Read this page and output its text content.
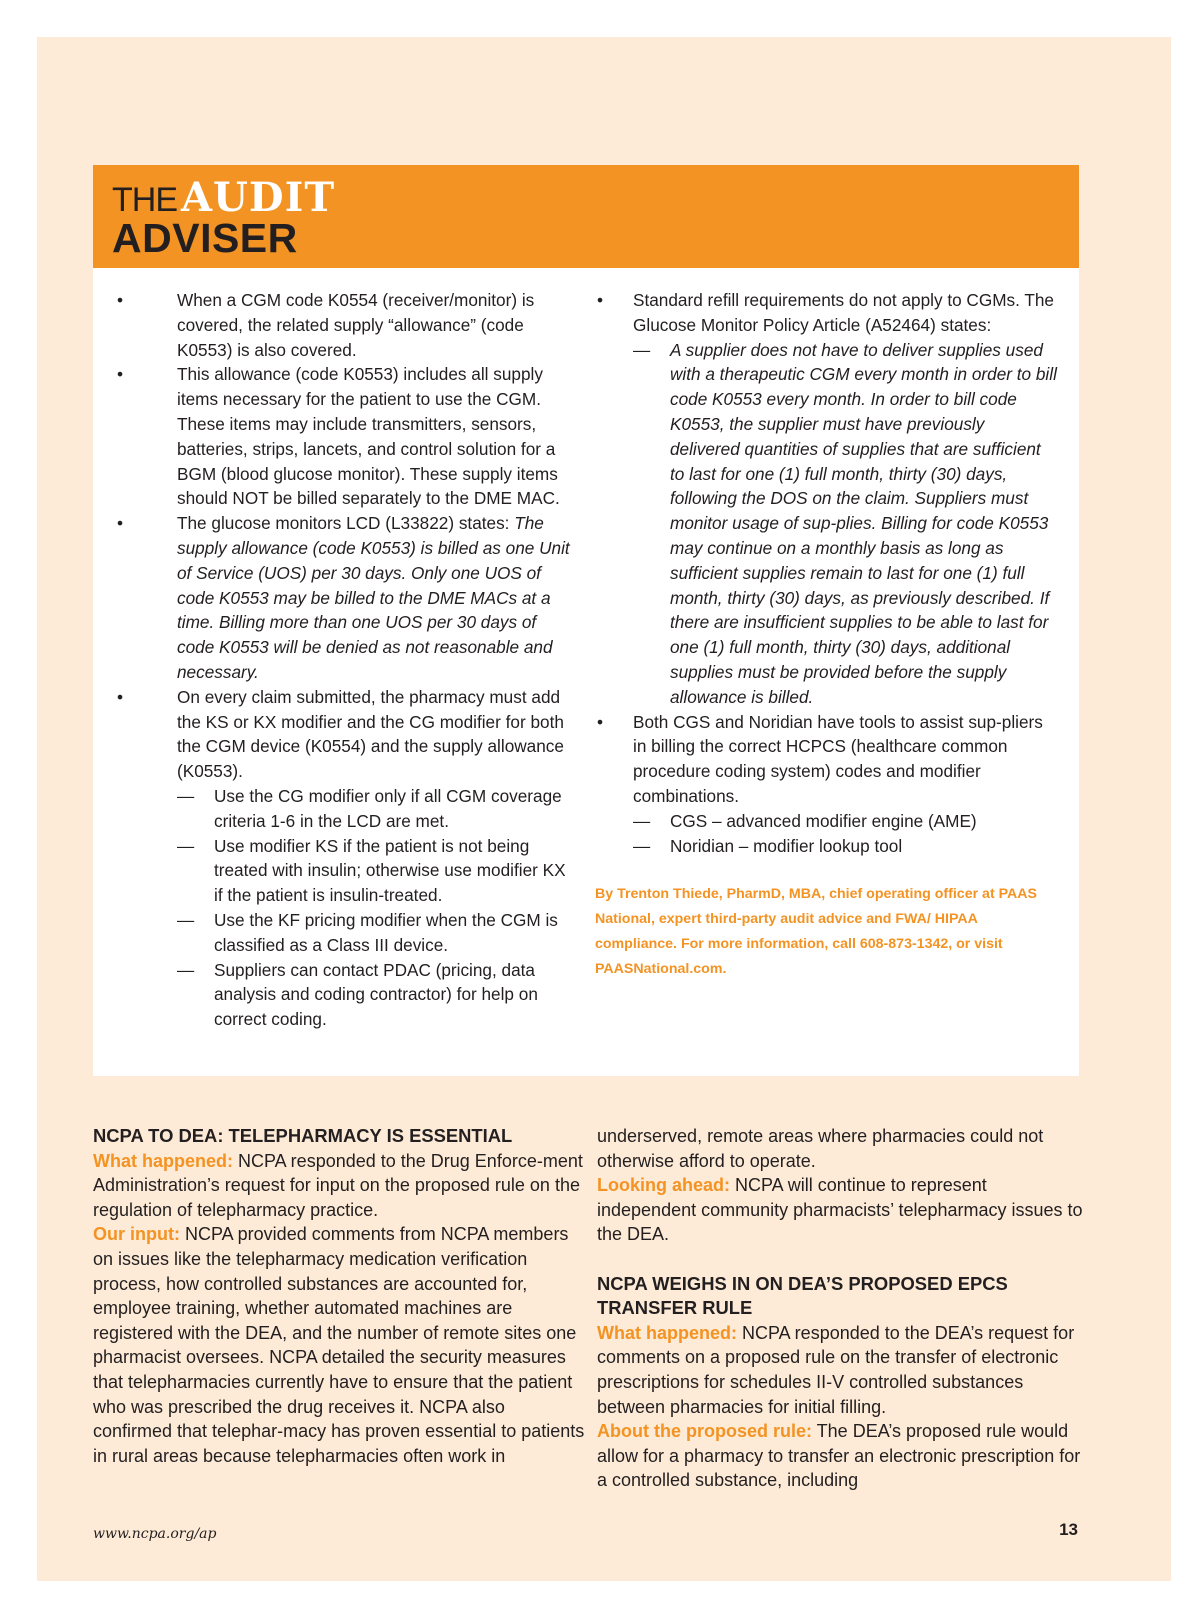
THE AUDIT
ADVISER
•	When a CGM code K0554 (receiver/monitor) is covered, the related supply “allowance” (code K0553) is also covered.
•	This allowance (code K0553) includes all supply items necessary for the patient to use the CGM. These items may include transmitters, sensors, batteries, strips, lancets, and control solution for a BGM (blood glucose monitor). These supply items should NOT be billed separately to the DME MAC.
•	The glucose monitors LCD (L33822) states: The supply allowance (code K0553) is billed as one Unit of Service (UOS) per 30 days. Only one UOS of code K0553 may be billed to the DME MACs at a time. Billing more than one UOS per 30 days of code K0553 will be denied as not reasonable and necessary.
•	On every claim submitted, the pharmacy must add the KS or KX modifier and the CG modifier for both the CGM device (K0554) and the supply allowance (K0553).
— Use the CG modifier only if all CGM coverage criteria 1-6 in the LCD are met.
— Use modifier KS if the patient is not being treated with insulin; otherwise use modifier KX if the patient is insulin-treated.
— Use the KF pricing modifier when the CGM is classified as a Class III device.
— Suppliers can contact PDAC (pricing, data analysis and coding contractor) for help on correct coding.
• Standard refill requirements do not apply to CGMs. The Glucose Monitor Policy Article (A52464) states:
— A supplier does not have to deliver supplies used with a therapeutic CGM every month in order to bill code K0553 every month. In order to bill code K0553, the supplier must have previously delivered quantities of supplies that are sufficient to last for one (1) full month, thirty (30) days, following the DOS on the claim. Suppliers must monitor usage of sup-plies. Billing for code K0553 may continue on a monthly basis as long as sufficient supplies remain to last for one (1) full month, thirty (30) days, as previously described. If there are insufficient supplies to be able to last for one (1) full month, thirty (30) days, additional supplies must be provided before the supply allowance is billed.
• Both CGS and Noridian have tools to assist sup-pliers in billing the correct HCPCS (healthcare common procedure coding system) codes and modifier combinations.
— CGS – advanced modifier engine (AME)
— Noridian – modifier lookup tool
By Trenton Thiede, PharmD, MBA, chief operating officer at PAAS National, expert third-party audit advice and FWA/ HIPAA compliance. For more information, call 608-873-1342, or visit PAASNational.com.
NCPA TO DEA: TELEPHARMACY IS ESSENTIAL
What happened: NCPA responded to the Drug Enforce-ment Administration’s request for input on the proposed rule on the regulation of telepharmacy practice.
Our input: NCPA provided comments from NCPA members on issues like the telepharmacy medication verification process, how controlled substances are accounted for, employee training, whether automated machines are registered with the DEA, and the number of remote sites one pharmacist oversees. NCPA detailed the security measures that telepharmacies currently have to ensure that the patient who was prescribed the drug receives it. NCPA also confirmed that telephar-macy has proven essential to patients in rural areas because telepharmacies often work in
www.ncpa.org/ap	13
underserved, remote areas where pharmacies could not otherwise afford to operate.
Looking ahead: NCPA will continue to represent independent community pharmacists’ telepharmacy issues to the DEA.
NCPA WEIGHS IN ON DEA’S PROPOSED EPCS TRANSFER RULE
What happened: NCPA responded to the DEA’s request for comments on a proposed rule on the transfer of electronic prescriptions for schedules II-V controlled substances between pharmacies for initial filling.
About the proposed rule: The DEA’s proposed rule would allow for a pharmacy to transfer an electronic prescription for a controlled substance, including
